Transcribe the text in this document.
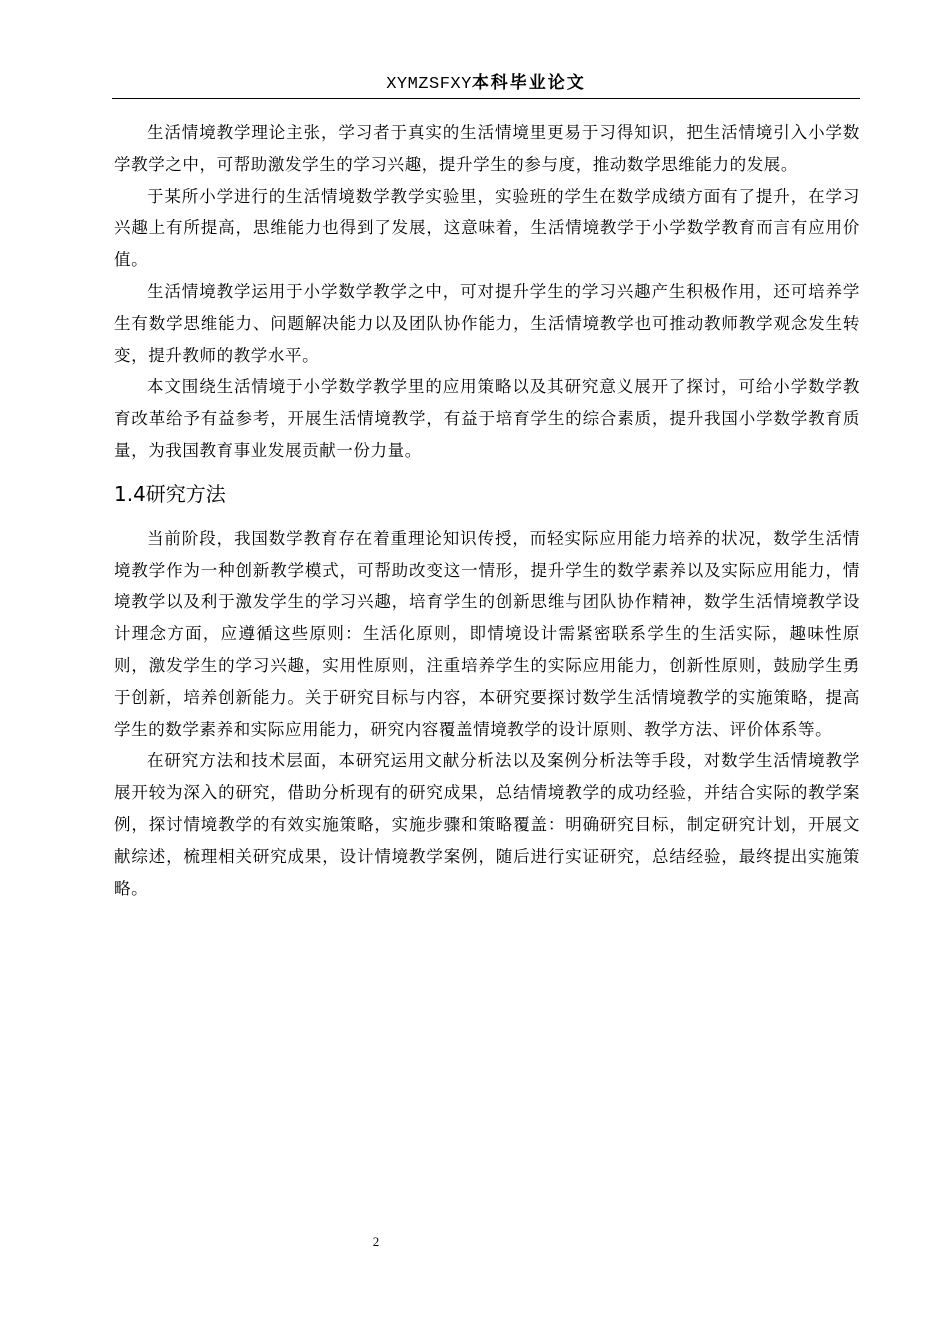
XYMZSFXY本科毕业论文

生活情境教学理论主张，学习者于真实的生活情境里更易于习得知识，把生活情境引入小学数学教学之中，可帮助激发学生的学习兴趣，提升学生的参与度，推动数学思维能力的发展。

于某所小学进行的生活情境数学教学实验里，实验班的学生在数学成绩方面有了提升，在学习兴趣上有所提高，思维能力也得到了发展，这意味着，生活情境教学于小学数学教育而言有应用价值。

生活情境教学运用于小学数学教学之中，可对提升学生的学习兴趣产生积极作用，还可培养学生有数学思维能力、问题解决能力以及团队协作能力，生活情境教学也可推动教师教学观念发生转变，提升教师的教学水平。

本文围绕生活情境于小学数学教学里的应用策略以及其研究意义展开了探讨，可给小学数学教育改革给予有益参考，开展生活情境教学，有益于培育学生的综合素质，提升我国小学数学教育质量，为我国教育事业发展贡献一份力量。

1.4研究方法

当前阶段，我国数学教育存在着重理论知识传授，而轻实际应用能力培养的状况，数学生活情境教学作为一种创新教学模式，可帮助改变这一情形，提升学生的数学素养以及实际应用能力，情境教学以及利于激发学生的学习兴趣，培育学生的创新思维与团队协作精神，数学生活情境教学设计理念方面，应遵循这些原则：生活化原则，即情境设计需紧密联系学生的生活实际，趣味性原则，激发学生的学习兴趣，实用性原则，注重培养学生的实际应用能力，创新性原则，鼓励学生勇于创新，培养创新能力。关于研究目标与内容，本研究要探讨数学生活情境教学的实施策略，提高学生的数学素养和实际应用能力，研究内容覆盖情境教学的设计原则、教学方法、评价体系等。

在研究方法和技术层面，本研究运用文献分析法以及案例分析法等手段，对数学生活情境教学展开较为深入的研究，借助分析现有的研究成果，总结情境教学的成功经验，并结合实际的教学案例，探讨情境教学的有效实施策略，实施步骤和策略覆盖：明确研究目标，制定研究计划，开展文献综述，梳理相关研究成果，设计情境教学案例，随后进行实证研究，总结经验，最终提出实施策略。

2
